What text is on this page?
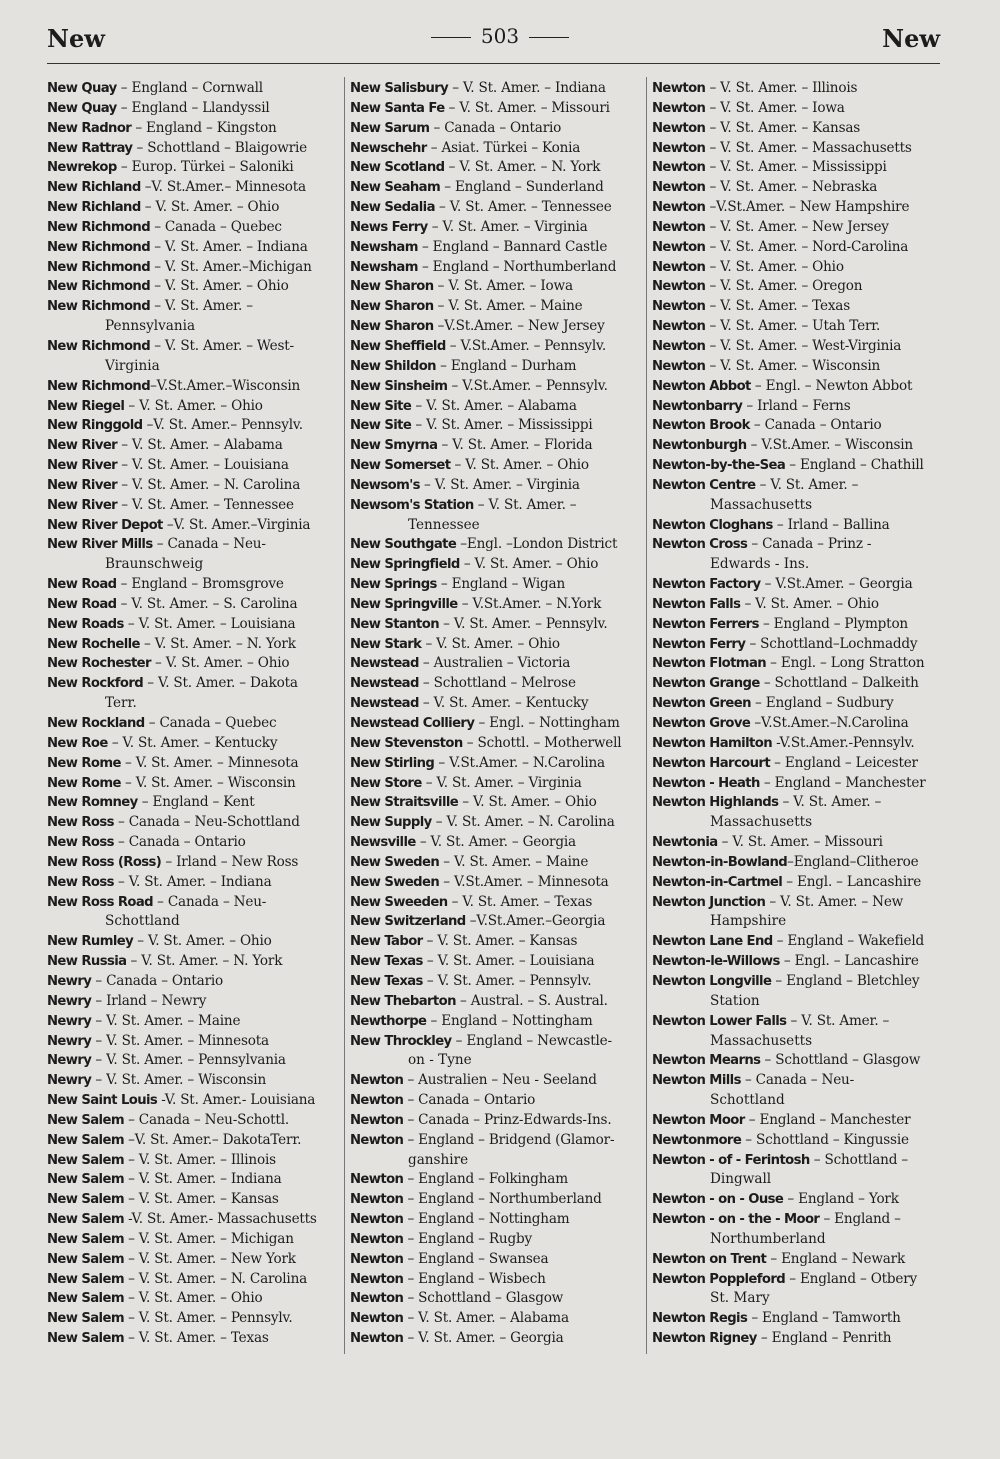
New	503	New
New Quay – England – Cornwall
New Quay – England – Llandyssil
New Radnor – England – Kingston
New Rattray – Schottland – Blaigowrie
Newrekop – Europ. Türkei – Saloniki
New Richland –V. St.Amer.– Minnesota
New Richland – V. St. Amer. – Ohio
New Richmond – Canada – Quebec
New Richmond – V. St. Amer. – Indiana
New Richmond – V. St. Amer.–Michigan
New Richmond – V. St. Amer. – Ohio
New Richmond – V. St. Amer. –
Pennsylvania
New Richmond – V. St. Amer. – West-
Virginia
New Richmond–V.St.Amer.–Wisconsin
New Riegel – V. St. Amer. – Ohio
New Ringgold –V. St. Amer.– Pennsylv.
New River – V. St. Amer. – Alabama
New River – V. St. Amer. – Louisiana
New River – V. St. Amer. – N. Carolina
New River – V. St. Amer. – Tennessee
New River Depot –V. St. Amer.–Virginia
New River Mills – Canada – Neu-
Braunschweig
New Road – England – Bromsgrove
New Road – V. St. Amer. – S. Carolina
New Roads – V. St. Amer. – Louisiana
New Rochelle – V. St. Amer. – N. York
New Rochester – V. St. Amer. – Ohio
New Rockford – V. St. Amer. – Dakota
Terr.
New Rockland – Canada – Quebec
New Roe – V. St. Amer. – Kentucky
New Rome – V. St. Amer. – Minnesota
New Rome – V. St. Amer. – Wisconsin
New Romney – England – Kent
New Ross – Canada – Neu-Schottland
New Ross – Canada – Ontario
New Ross (Ross) – Irland – New Ross
New Ross – V. St. Amer. – Indiana
New Ross Road – Canada – Neu-
Schottland
New Rumley – V. St. Amer. – Ohio
New Russia – V. St. Amer. – N. York
Newry – Canada – Ontario
Newry – Irland – Newry
Newry – V. St. Amer. – Maine
Newry – V. St. Amer. – Minnesota
Newry – V. St. Amer. – Pennsylvania
Newry – V. St. Amer. – Wisconsin
New Saint Louis -V. St. Amer.- Louisiana
New Salem – Canada – Neu-Schottl.
New Salem –V. St. Amer.– DakotaTerr.
New Salem – V. St. Amer. – Illinois
New Salem – V. St. Amer. – Indiana
New Salem – V. St. Amer. – Kansas
New Salem -V. St. Amer.- Massachusetts
New Salem – V. St. Amer. – Michigan
New Salem – V. St. Amer. – New York
New Salem – V. St. Amer. – N. Carolina
New Salem – V. St. Amer. – Ohio
New Salem – V. St. Amer. – Pennsylv.
New Salem – V. St. Amer. – Texas
New Salisbury – V. St. Amer. – Indiana
New Santa Fe – V. St. Amer. – Missouri
New Sarum – Canada – Ontario
Newschehr – Asiat. Türkei – Konia
New Scotland – V. St. Amer. – N. York
New Seaham – England – Sunderland
New Sedalia – V. St. Amer. – Tennessee
News Ferry – V. St. Amer. – Virginia
Newsham – England – Bannard Castle
Newsham – England – Northumberland
New Sharon – V. St. Amer. – Iowa
New Sharon – V. St. Amer. – Maine
New Sharon –V.St.Amer. – New Jersey
New Sheffield – V.St.Amer. – Pennsylv.
New Shildon – England – Durham
New Sinsheim – V.St.Amer. – Pennsylv.
New Site – V. St. Amer. – Alabama
New Site – V. St. Amer. – Mississippi
New Smyrna – V. St. Amer. – Florida
New Somerset – V. St. Amer. – Ohio
Newsom's – V. St. Amer. – Virginia
Newsom's Station – V. St. Amer. –
Tennessee
New Southgate –Engl. –London District
New Springfield – V. St. Amer. – Ohio
New Springs – England – Wigan
New Springville – V.St.Amer. – N.York
New Stanton – V. St. Amer. – Pennsylv.
New Stark – V. St. Amer. – Ohio
Newstead – Australien – Victoria
Newstead – Schottland – Melrose
Newstead – V. St. Amer. – Kentucky
Newstead Colliery – Engl. – Nottingham
New Stevenston – Schottl. – Motherwell
New Stirling – V.St.Amer. – N.Carolina
New Store – V. St. Amer. – Virginia
New Straitsville – V. St. Amer. – Ohio
New Supply – V. St. Amer. – N. Carolina
Newsville – V. St. Amer. – Georgia
New Sweden – V. St. Amer. – Maine
New Sweden – V.St.Amer. – Minnesota
New Sweeden – V. St. Amer. – Texas
New Switzerland –V.St.Amer.–Georgia
New Tabor – V. St. Amer. – Kansas
New Texas – V. St. Amer. – Louisiana
New Texas – V. St. Amer. – Pennsylv.
New Thebarton – Austral. – S. Austral.
Newthorpe – England – Nottingham
New Throckley – England – Newcastle-
on - Tyne
Newton – Australien – Neu - Seeland
Newton – Canada – Ontario
Newton – Canada – Prinz-Edwards-Ins.
Newton – England – Bridgend (Glamor-
ganshire
Newton – England – Folkingham
Newton – England – Northumberland
Newton – England – Nottingham
Newton – England – Rugby
Newton – England – Swansea
Newton – England – Wisbech
Newton – Schottland – Glasgow
Newton – V. St. Amer. – Alabama
Newton – V. St. Amer. – Georgia
Newton – V. St. Amer. – Illinois
Newton – V. St. Amer. – Iowa
Newton – V. St. Amer. – Kansas
Newton – V. St. Amer. – Massachusetts
Newton – V. St. Amer. – Mississippi
Newton – V. St. Amer. – Nebraska
Newton –V.St.Amer. – New Hampshire
Newton – V. St. Amer. – New Jersey
Newton – V. St. Amer. – Nord-Carolina
Newton – V. St. Amer. – Ohio
Newton – V. St. Amer. – Oregon
Newton – V. St. Amer. – Texas
Newton – V. St. Amer. – Utah Terr.
Newton – V. St. Amer. – West-Virginia
Newton – V. St. Amer. – Wisconsin
Newton Abbot – Engl. – Newton Abbot
Newtonbarry – Irland – Ferns
Newton Brook – Canada – Ontario
Newtonburgh – V.St.Amer. – Wisconsin
Newton-by-the-Sea – England – Chathill
Newton Centre – V. St. Amer. –
Massachusetts
Newton Cloghans – Irland – Ballina
Newton Cross – Canada – Prinz -
Edwards - Ins.
Newton Factory – V.St.Amer. – Georgia
Newton Falls – V. St. Amer. – Ohio
Newton Ferrers – England – Plympton
Newton Ferry – Schottland–Lochmaddy
Newton Flotman – Engl. – Long Stratton
Newton Grange – Schottland – Dalkeith
Newton Green – England – Sudbury
Newton Grove –V.St.Amer.–N.Carolina
Newton Hamilton -V.St.Amer.-Pennsylv.
Newton Harcourt – England – Leicester
Newton - Heath – England – Manchester
Newton Highlands – V. St. Amer. –
Massachusetts
Newtonia – V. St. Amer. – Missouri
Newton-in-Bowland–England–Clitheroe
Newton-in-Cartmel – Engl. – Lancashire
Newton Junction – V. St. Amer. – New
Hampshire
Newton Lane End – England – Wakefield
Newton-le-Willows – Engl. – Lancashire
Newton Longville – England – Bletchley
Station
Newton Lower Falls – V. St. Amer. –
Massachusetts
Newton Mearns – Schottland – Glasgow
Newton Mills – Canada – Neu-
Schottland
Newton Moor – England – Manchester
Newtonmore – Schottland – Kingussie
Newton - of - Ferintosh – Schottland –
Dingwall
Newton - on - Ouse – England – York
Newton - on - the - Moor – England –
Northumberland
Newton on Trent – England – Newark
Newton Poppleford – England – Otbery
St. Mary
Newton Regis – England – Tamworth
Newton Rigney – England – Penrith
